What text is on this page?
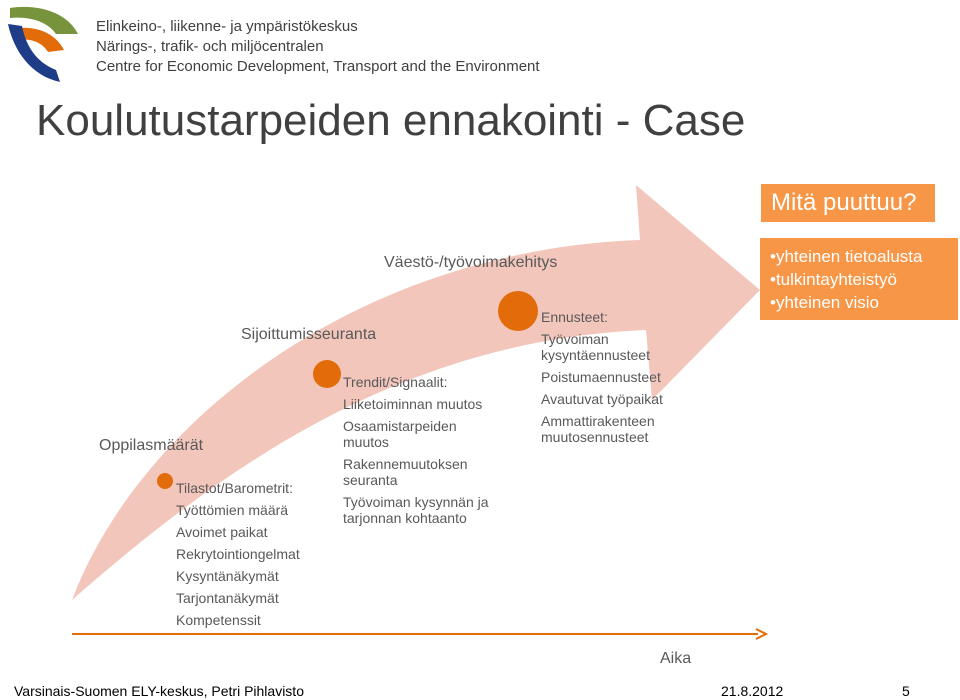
Elinkeino-, liikenne- ja ympäristökeskus
Närings-, trafik- och miljöcentralen
Centre for Economic Development, Transport and the Environment
Koulutustarpeiden ennakointi - Case
Oppilasmäärät
Sijoittumisseuranta
Väestö-/työvoimakehitys
Aika
Tilastot/Barometrit:
Työttömien määrä
Avoimet paikat
Rekrytointiongelmat
Kysyntänäkymät
Tarjontanäkymät
Kompetenssit
Trendit/Signaalit:
Liiketoiminnan muutos
Osaamistarpeiden muutos
Rakennemuutoksen seuranta
Työvoiman kysynnän ja tarjonnan kohtaanto
Ennusteet:
Työvoiman kysyntäennusteet
Poistumaennusteet
Avautuvat työpaikat
Ammattirakenteen muutosennusteet
Mitä puuttuu?
•yhteinen tietoalusta
•tulkintayhteistyö
•yhteinen visio
Varsinais-Suomen ELY-keskus, Petri Pihlavisto	21.8.2012	5
